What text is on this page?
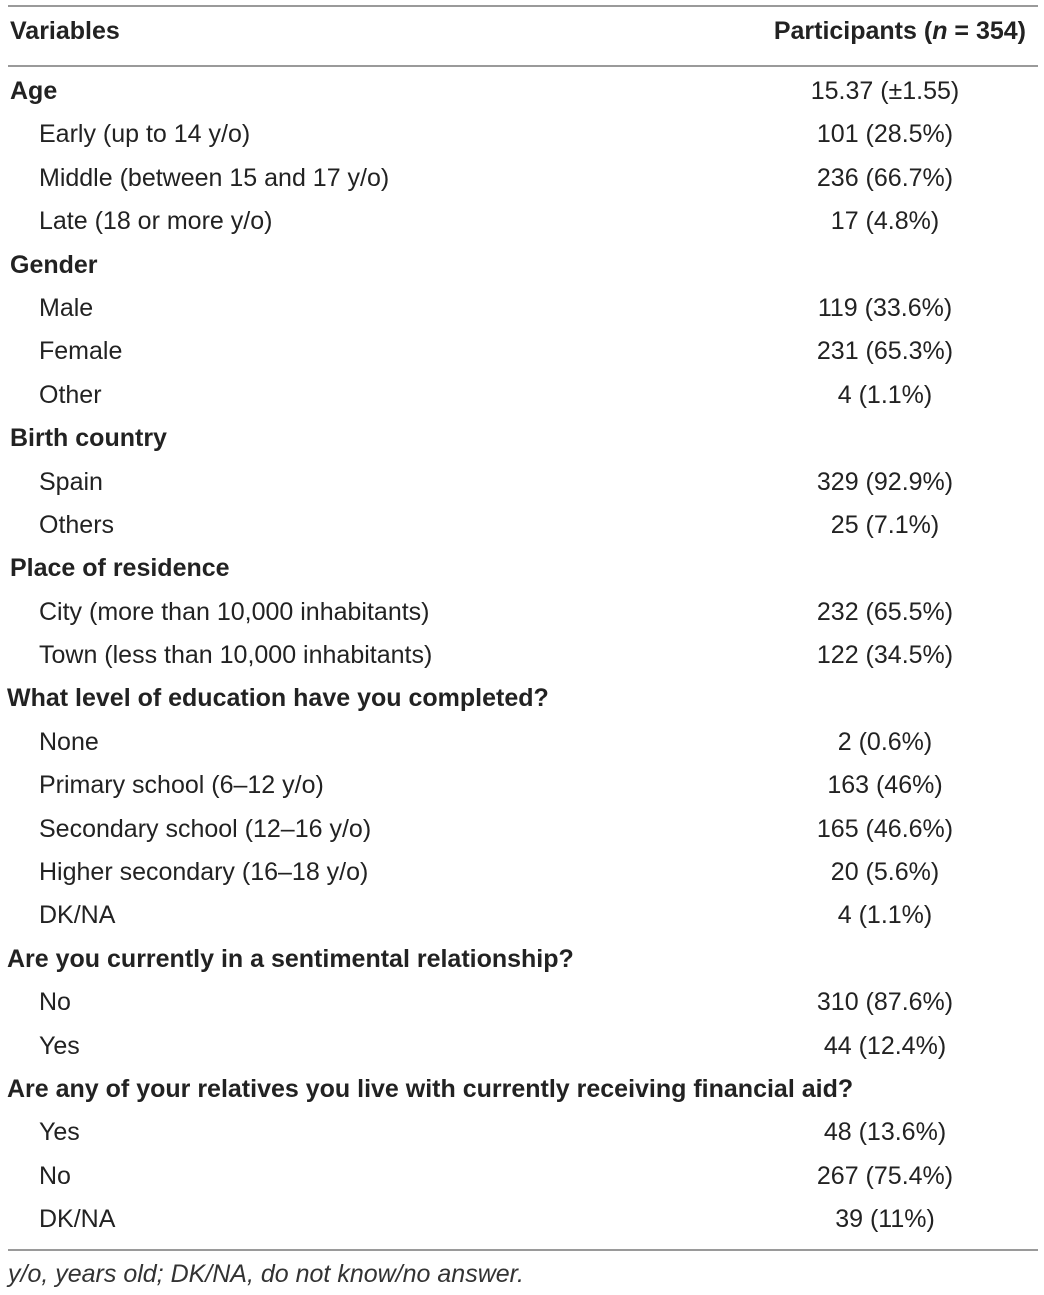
Variables	Participants (n = 354)
Age	15.37 (±1.55)
Early (up to 14 y/o)	101 (28.5%)
Middle (between 15 and 17 y/o)	236 (66.7%)
Late (18 or more y/o)	17 (4.8%)
Gender
Male	119 (33.6%)
Female	231 (65.3%)
Other	4 (1.1%)
Birth country
Spain	329 (92.9%)
Others	25 (7.1%)
Place of residence
City (more than 10,000 inhabitants)	232 (65.5%)
Town (less than 10,000 inhabitants)	122 (34.5%)
What level of education have you completed?
None	2 (0.6%)
Primary school (6–12 y/o)	163 (46%)
Secondary school (12–16 y/o)	165 (46.6%)
Higher secondary (16–18 y/o)	20 (5.6%)
DK/NA	4 (1.1%)
Are you currently in a sentimental relationship?
No	310 (87.6%)
Yes	44 (12.4%)
Are any of your relatives you live with currently receiving financial aid?
Yes	48 (13.6%)
No	267 (75.4%)
DK/NA	39 (11%)
y/o, years old; DK/NA, do not know/no answer.
